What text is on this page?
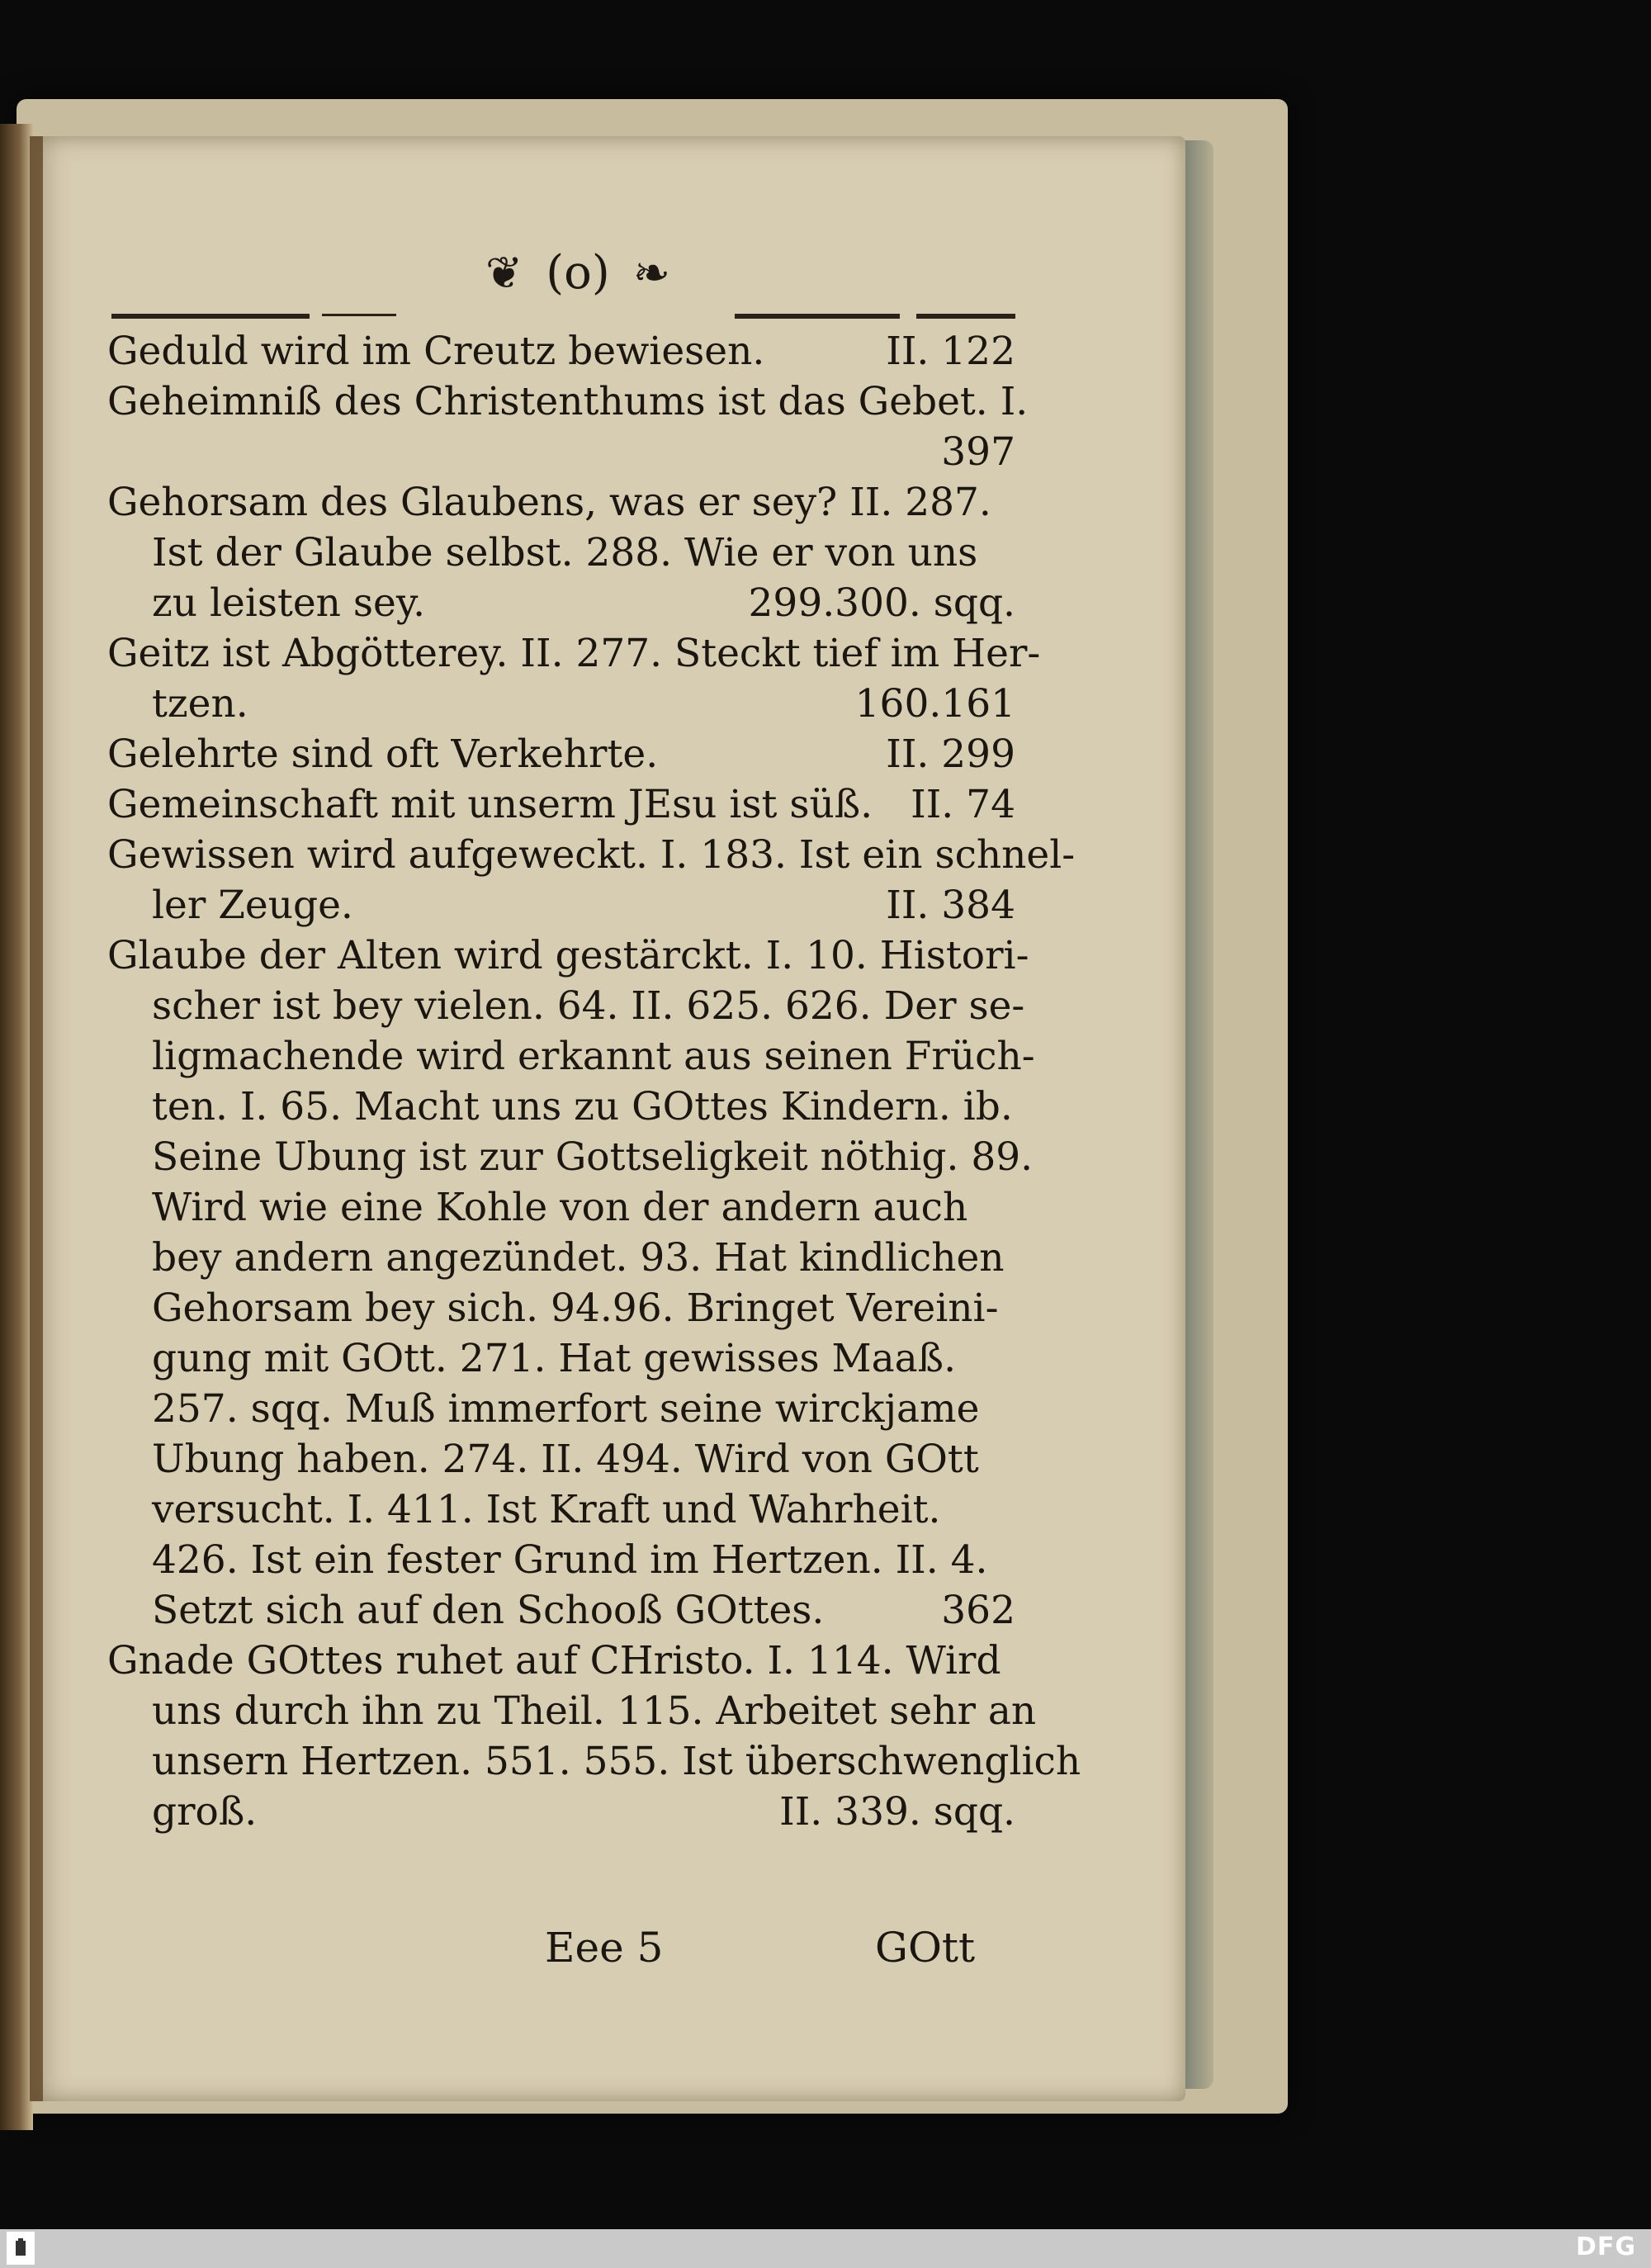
❦ (o) ❧
Geduld wird im Creutz bewiesen.	II. 122
Geheimniß des Christenthums ist das Gebet. I.
397
Gehorsam des Glaubens, was er sey? II. 287.
Ist der Glaube selbst. 288. Wie er von uns
zu leisten sey.	299.300. sqq.
Geitz ist Abgötterey. II. 277. Steckt tief im Her-
tzen.	160.161
Gelehrte sind oft Verkehrte.	II. 299
Gemeinschaft mit unserm JEsu ist süß. II. 74
Gewissen wird aufgeweckt. I. 183. Ist ein schnel-
ler Zeuge.	II. 384
Glaube der Alten wird gestärckt. I. 10. Histori-
scher ist bey vielen. 64. II. 625. 626. Der se-
ligmachende wird erkannt aus seinen Früch-
ten. I. 65. Macht uns zu GOttes Kindern. ib.
Seine Ubung ist zur Gottseligkeit nöthig. 89.
Wird wie eine Kohle von der andern auch
bey andern angezündet. 93. Hat kindlichen
Gehorsam bey sich. 94.96. Bringet Vereini-
gung mit GOtt. 271. Hat gewisses Maaß.
257. sqq. Muß immerfort seine wirckjame
Ubung haben. 274. II. 494. Wird von GOtt
versucht. I. 411. Ist Kraft und Wahrheit.
426. Ist ein fester Grund im Hertzen. II. 4.
Setzt sich auf den Schooß GOttes.	362
Gnade GOttes ruhet auf CHristo. I. 114. Wird
uns durch ihn zu Theil. 115. Arbeitet sehr an
unsern Hertzen. 551. 555. Ist überschwenglich
groß.	II. 339. sqq.
Eee 5	GOtt
DFG
